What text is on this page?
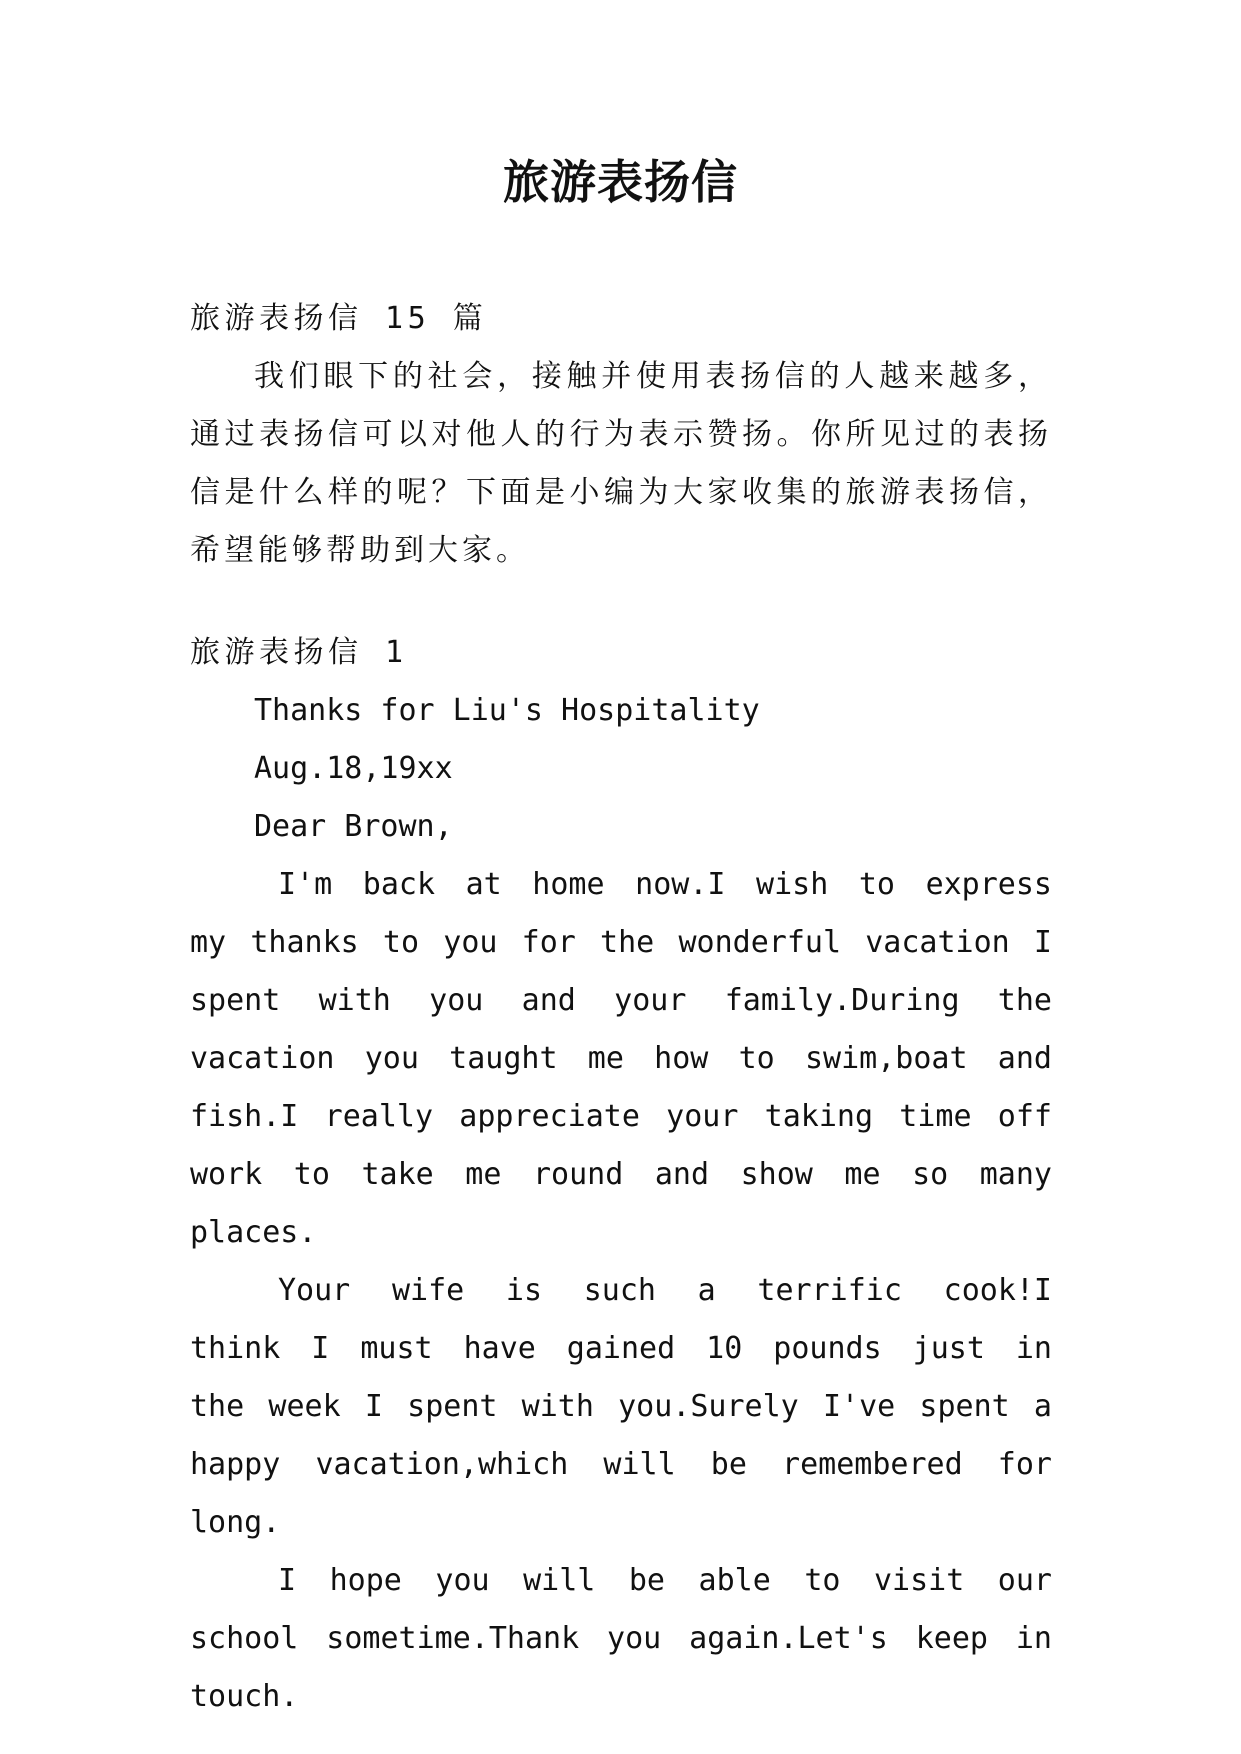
旅游表扬信

旅游表扬信 15 篇

我们眼下的社会，接触并使用表扬信的人越来越多，通过表扬信可以对他人的行为表示赞扬。你所见过的表扬信是什么样的呢？下面是小编为大家收集的旅游表扬信，希望能够帮助到大家。

旅游表扬信 1

Thanks for Liu's Hospitality

Aug.18,19xx

Dear Brown,

I'm back at home now.I wish to express my thanks to you for the wonderful vacation I spent with you and your family.During the vacation you taught me how to swim,boat and fish.I really appreciate your taking time off work to take me round and show me so many places.

Your wife is such a terrific cook!I think I must have gained 10 pounds just in the week I spent with you.Surely I've spent a happy vacation,which will be remembered for long.

I hope you will be able to visit our school sometime.Thank you again.Let's keep in touch.
